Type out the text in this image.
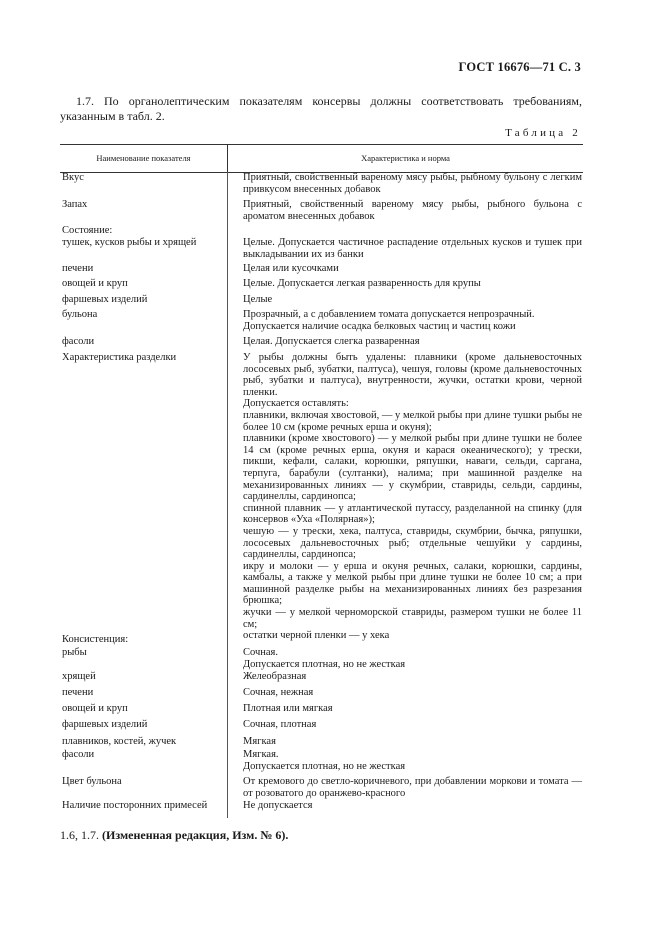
ГОСТ 16676—71 С. 3
1.7. По органолептическим показателям консервы должны соответствовать требованиям, указанным в табл. 2.
Таблица 2
Наименование показателя	Характеристика и норма
Вкус	Приятный, свойственный вареному мясу рыбы, рыбному бульону с легким привкусом внесенных добавок

Запах	Приятный, свойственный вареному мясу рыбы, рыбного бульона с ароматом внесенных добавок

Состояние:
тушек, кусков рыбы и хрящей	Целые. Допускается частичное распадение отдельных кусков и тушек при выкладывании их из банки

печени	Целая или кусочками

овощей и круп	Целые. Допускается легкая разваренность для крупы

фаршевых изделий	Целые

бульона	Прозрачный, а с добавлением томата допускается непрозрачный.

Допускается наличие осадка белковых частиц и частиц кожи

фасоли	Целая. Допускается слегка разваренная

Характеристика разделки	У рыбы должны быть удалены: плавники (кроме дальневосточных лососевых рыб, зубатки, палтуса), чешуя, головы (кроме дальневосточных рыб, зубатки и палтуса), внутренности, жучки, остатки крови, черной пленки.

Допускается оставлять:

плавники, включая хвостовой, — у мелкой рыбы при длине тушки рыбы не более 10 см (кроме речных ерша и окуня);

плавники (кроме хвостового) — у мелкой рыбы при длине тушки не более 14 см (кроме речных ерша, окуня и карася океанического); у трески, пикши, кефали, салаки, корюшки, ряпушки, наваги, сельди, саргана, терпуга, барабули (султанки), налима; при машинной разделке на механизированных линиях — у скумбрии, ставриды, сельди, сардины, сардинеллы, сардинопса;

спинной плавник — у атлантической путассу, разделанной на спинку (для консервов «Уха «Полярная»);

чешую — у трески, хека, палтуса, ставриды, скумбрии, бычка, ряпушки, лососевых дальневосточных рыб; отдельные чешуйки у сардины, сардинеллы, сардинопса;

икру и молоки — у ерша и окуня речных, салаки, корюшки, сардины, камбалы, а также у мелкой рыбы при длине тушки не более 10 см; а при машинной разделке рыбы на механизированных линиях без разрезания брюшка;

жучки — у мелкой черноморской ставриды, размером тушки не более 11 см;

остатки черной пленки — у хека

Консистенция:
рыбы	Сочная.

Допускается плотная, но не жесткая

хрящей	Желеобразная

печени	Сочная, нежная

овощей и круп	Плотная или мягкая

фаршевых изделий	Сочная, плотная

плавников, костей, жучек	Мягкая

фасоли	Мягкая.

Допускается плотная, но не жесткая

Цвет бульона	От кремового до светло-коричневого, при добавлении моркови и томата — от розоватого до оранжево-красного

Наличие посторонних примесей	Не допускается

1.6, 1.7. (Измененная редакция, Изм. № 6).
